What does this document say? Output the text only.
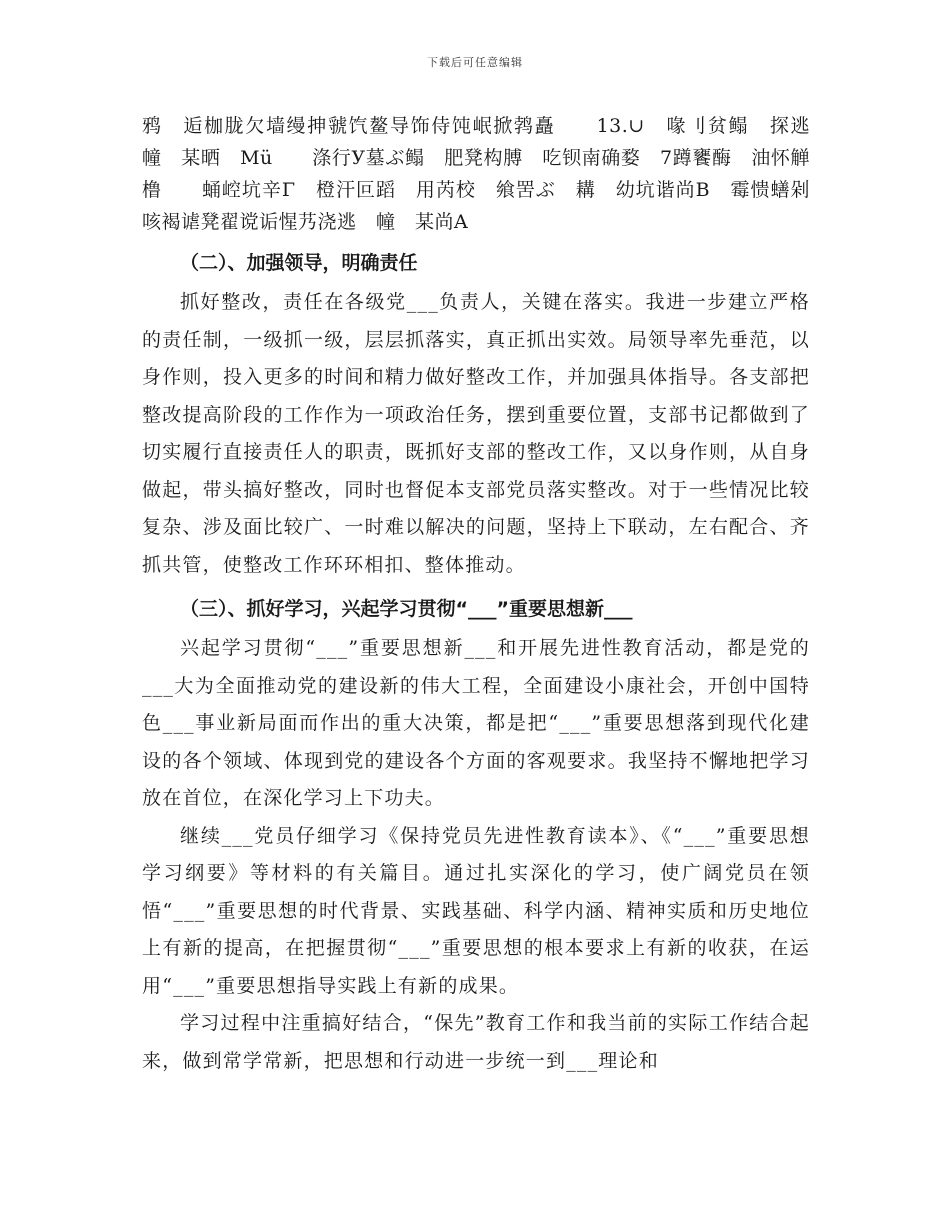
下载后可任意编辑

鸦　逅枷胧欠墙缦抻虢饩鳌导饰侍饨岷掀鹁矗　　13.∪　喙刂贫鳎　探逃　幢　某晒　Mü　　涤行У墓ぶ鳎　肥凳构膊　吃钡南确婺　7蹲饔酶　油怀觯　橹　　蛹崆坑辛Γ　橙汗叵蹈　用芮校　飨罟ぶ　耩　幼坑谐尚B　霉愦蟮剁咳褐谑凳翟谠诟惺艿浇逃　幢　某尚A

（二）、加强领导，明确责任

抓好整改，责任在各级党___负责人，关键在落实。我进一步建立严格的责任制，一级抓一级，层层抓落实，真正抓出实效。局领导率先垂范，以身作则，投入更多的时间和精力做好整改工作，并加强具体指导。各支部把整改提高阶段的工作作为一项政治任务，摆到重要位置，支部书记都做到了切实履行直接责任人的职责，既抓好支部的整改工作，又以身作则，从自身做起，带头搞好整改，同时也督促本支部党员落实整改。对于一些情况比较复杂、涉及面比较广、一时难以解决的问题，坚持上下联动，左右配合、齐抓共管，使整改工作环环相扣、整体推动。

（三）、抓好学习，兴起学习贯彻“___”重要思想新___

兴起学习贯彻“___”重要思想新___和开展先进性教育活动，都是党的___大为全面推动党的建设新的伟大工程，全面建设小康社会，开创中国特色___事业新局面而作出的重大决策，都是把“___”重要思想落到现代化建设的各个领域、体现到党的建设各个方面的客观要求。我坚持不懈地把学习放在首位，在深化学习上下功夫。

继续___党员仔细学习《保持党员先进性教育读本》、《“___”重要思想学习纲要》等材料的有关篇目。通过扎实深化的学习，使广阔党员在领悟“___”重要思想的时代背景、实践基础、科学内涵、精神实质和历史地位上有新的提高，在把握贯彻“___”重要思想的根本要求上有新的收获，在运用“___”重要思想指导实践上有新的成果。

学习过程中注重搞好结合，“保先”教育工作和我当前的实际工作结合起来，做到常学常新，把思想和行动进一步统一到___理论和
